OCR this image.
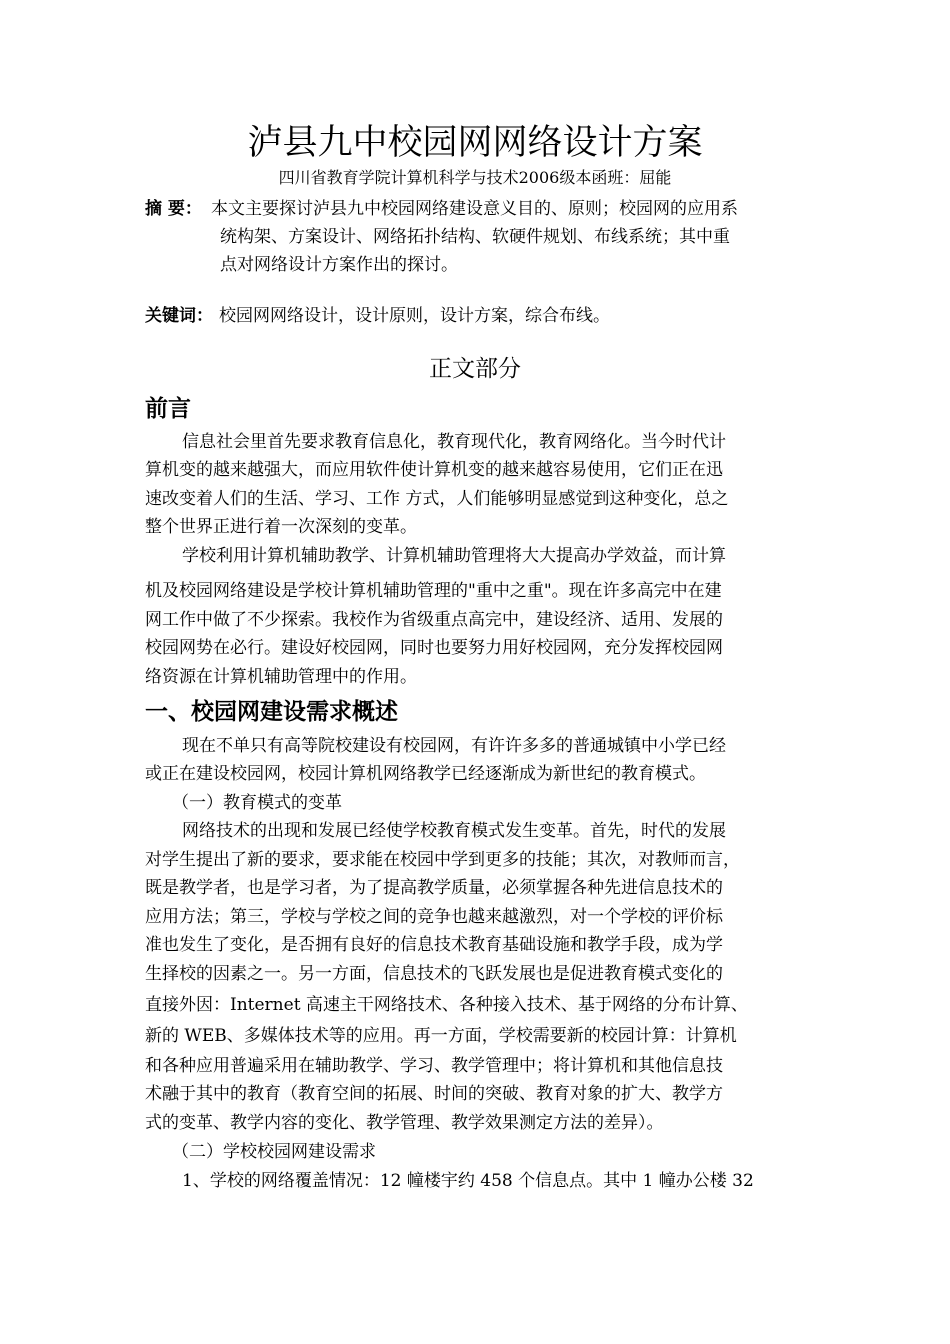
泸县九中校园网网络设计方案

四川省教育学院计算机科学与技术2006级本函班：屈能

摘 要： 本文主要探讨泸县九中校园网络建设意义目的、原则；校园网的应用系

统构架、方案设计、网络拓扑结构、软硬件规划、布线系统；其中重

点对网络设计方案作出的探讨。

关键词： 校园网网络设计，设计原则，设计方案，综合布线。

正文部分
前言

信息社会里首先要求教育信息化，教育现代化，教育网络化。当今时代计

算机变的越来越强大，而应用软件使计算机变的越来越容易使用，它们正在迅

速改变着人们的生活、学习、工作 方式，人们能够明显感觉到这种变化，总之

整个世界正进行着一次深刻的变革。

学校利用计算机辅助教学、计算机辅助管理将大大提高办学效益，而计算

机及校园网络建设是学校计算机辅助管理的"重中之重"。现在许多高完中在建

网工作中做了不少探索。我校作为省级重点高完中，建设经济、适用、发展的

校园网势在必行。建设好校园网，同时也要努力用好校园网，充分发挥校园网

络资源在计算机辅助管理中的作用。

一、校园网建设需求概述

现在不单只有高等院校建设有校园网，有许许多多的普通城镇中小学已经

或正在建设校园网，校园计算机网络教学已经逐渐成为新世纪的教育模式。

（一）教育模式的变革

网络技术的出现和发展已经使学校教育模式发生变革。首先，时代的发展

对学生提出了新的要求，要求能在校园中学到更多的技能；其次，对教师而言，

既是教学者，也是学习者，为了提高教学质量，必须掌握各种先进信息技术的

应用方法；第三，学校与学校之间的竞争也越来越激烈，对一个学校的评价标

准也发生了变化，是否拥有良好的信息技术教育基础设施和教学手段，成为学

生择校的因素之一。另一方面，信息技术的飞跃发展也是促进教育模式变化的

直接外因：Internet 高速主干网络技术、各种接入技术、基于网络的分布计算、

新的 WEB、多媒体技术等的应用。再一方面，学校需要新的校园计算：计算机

和各种应用普遍采用在辅助教学、学习、教学管理中；将计算机和其他信息技

术融于其中的教育（教育空间的拓展、时间的突破、教育对象的扩大、教学方

式的变革、教学内容的变化、教学管理、教学效果测定方法的差异）。

（二）学校校园网建设需求

1、学校的网络覆盖情况：12 幢楼宇约 458 个信息点。其中 1 幢办公楼 32
